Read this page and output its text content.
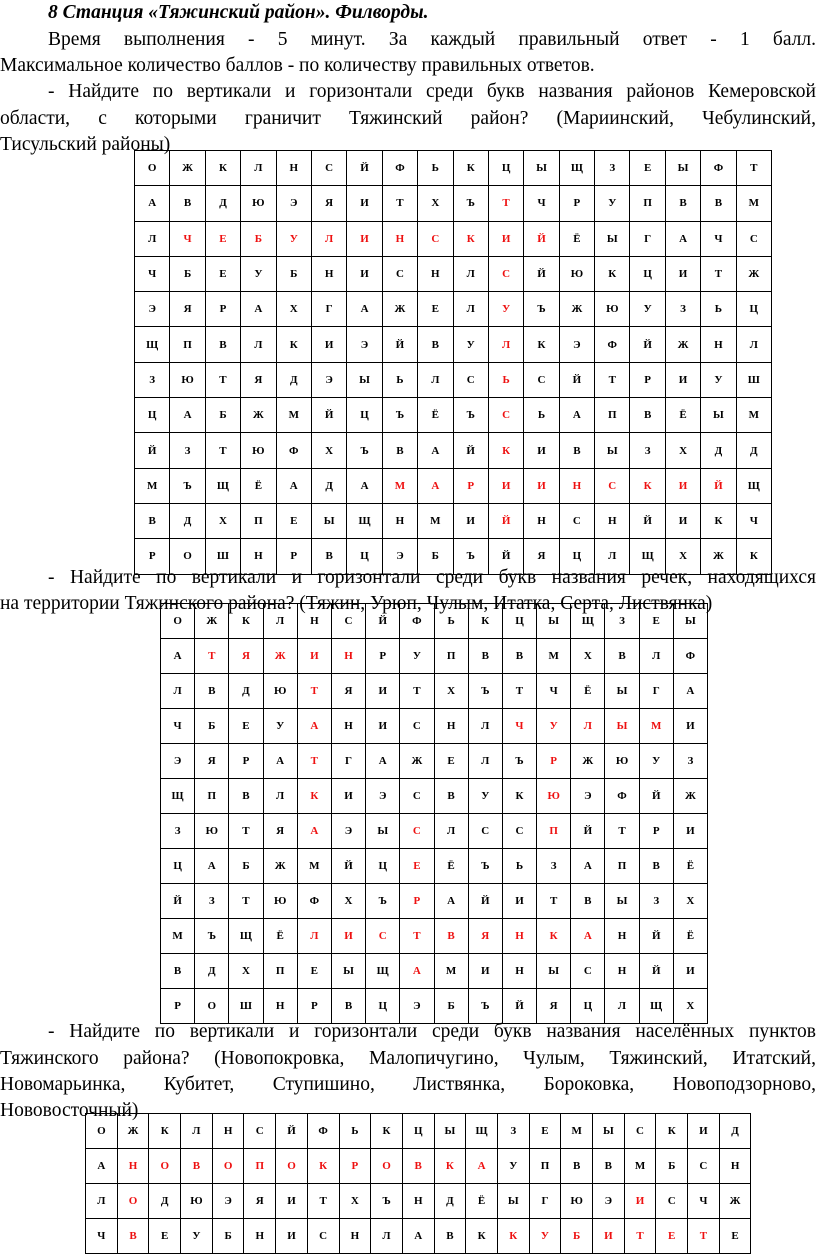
8 Станция «Тяжинский район». Филворды.

Время выполнения - 5 минут. За каждый правильный ответ - 1 балл.

Максимальное количество баллов - по количеству правильных ответов.

- Найдите по вертикали и горизонтали среди букв названия районов Кемеровской

области, с которыми граничит Тяжинский район? (Мариинский, Чебулинский,

Тисульский районы)

О	Ж	К	Л	Н	С	Й	Ф	Ь	К	Ц	Ы	Щ	З	Е	Ы	Ф	Т
А	В	Д	Ю	Э	Я	И	Т	Х	Ъ	Т	Ч	Р	У	П	В	В	М
Л	Ч	Е	Б	У	Л	И	Н	С	К	И	Й	Ё	Ы	Г	А	Ч	С
Ч	Б	Е	У	Б	Н	И	С	Н	Л	С	Й	Ю	К	Ц	И	Т	Ж
Э	Я	Р	А	Х	Г	А	Ж	Е	Л	У	Ъ	Ж	Ю	У	З	Ь	Ц
Щ	П	В	Л	К	И	Э	Й	В	У	Л	К	Э	Ф	Й	Ж	Н	Л
З	Ю	Т	Я	Д	Э	Ы	Ь	Л	С	Ь	С	Й	Т	Р	И	У	Ш
Ц	А	Б	Ж	М	Й	Ц	Ъ	Ё	Ъ	С	Ь	А	П	В	Ё	Ы	М
Й	З	Т	Ю	Ф	Х	Ъ	В	А	Й	К	И	В	Ы	З	Х	Д	Д
М	Ъ	Щ	Ё	А	Д	А	М	А	Р	И	И	Н	С	К	И	Й	Щ
В	Д	Х	П	Е	Ы	Щ	Н	М	И	Й	Н	С	Н	Й	И	К	Ч
Р	О	Ш	Н	Р	В	Ц	Э	Б	Ъ	Й	Я	Ц	Л	Щ	Х	Ж	К

- Найдите по вертикали и горизонтали среди букв названия речек, находящихся

на территории Тяжинского района? (Тяжин, Урюп, Чулым, Итатка, Серта, Листвянка)

О	Ж	К	Л	Н	С	Й	Ф	Ь	К	Ц	Ы	Щ	З	Е	Ы
А	Т	Я	Ж	И	Н	Р	У	П	В	В	М	Х	В	Л	Ф
Л	В	Д	Ю	Т	Я	И	Т	Х	Ъ	Т	Ч	Ё	Ы	Г	А
Ч	Б	Е	У	А	Н	И	С	Н	Л	Ч	У	Л	Ы	М	И
Э	Я	Р	А	Т	Г	А	Ж	Е	Л	Ъ	Р	Ж	Ю	У	З
Щ	П	В	Л	К	И	Э	С	В	У	К	Ю	Э	Ф	Й	Ж
З	Ю	Т	Я	А	Э	Ы	С	Л	С	С	П	Й	Т	Р	И
Ц	А	Б	Ж	М	Й	Ц	Е	Ё	Ъ	Ь	З	А	П	В	Ё
Й	З	Т	Ю	Ф	Х	Ъ	Р	А	Й	И	Т	В	Ы	З	Х
М	Ъ	Щ	Ё	Л	И	С	Т	В	Я	Н	К	А	Н	Й	Ё
В	Д	Х	П	Е	Ы	Щ	А	М	И	Н	Ы	С	Н	Й	И
Р	О	Ш	Н	Р	В	Ц	Э	Б	Ъ	Й	Я	Ц	Л	Щ	Х

- Найдите по вертикали и горизонтали среди букв названия населённых пунктов

Тяжинского района? (Новопокровка, Малопичугино, Чулым, Тяжинский, Итатский,

Новомарьинка, Кубитет, Ступишино, Листвянка, Бороковка, Новоподзорново,

Нововосточный)

О	Ж	К	Л	Н	С	Й	Ф	Ь	К	Ц	Ы	Щ	З	Е	М	Ы	С	К	И	Д
А	Н	О	В	О	П	О	К	Р	О	В	К	А	У	П	В	В	М	Б	С	Н
Л	О	Д	Ю	Э	Я	И	Т	Х	Ъ	Н	Д	Ё	Ы	Г	Ю	Э	И	С	Ч	Ж
Ч	В	Е	У	Б	Н	И	С	Н	Л	А	В	К	К	У	Б	И	Т	Е	Т	Е
